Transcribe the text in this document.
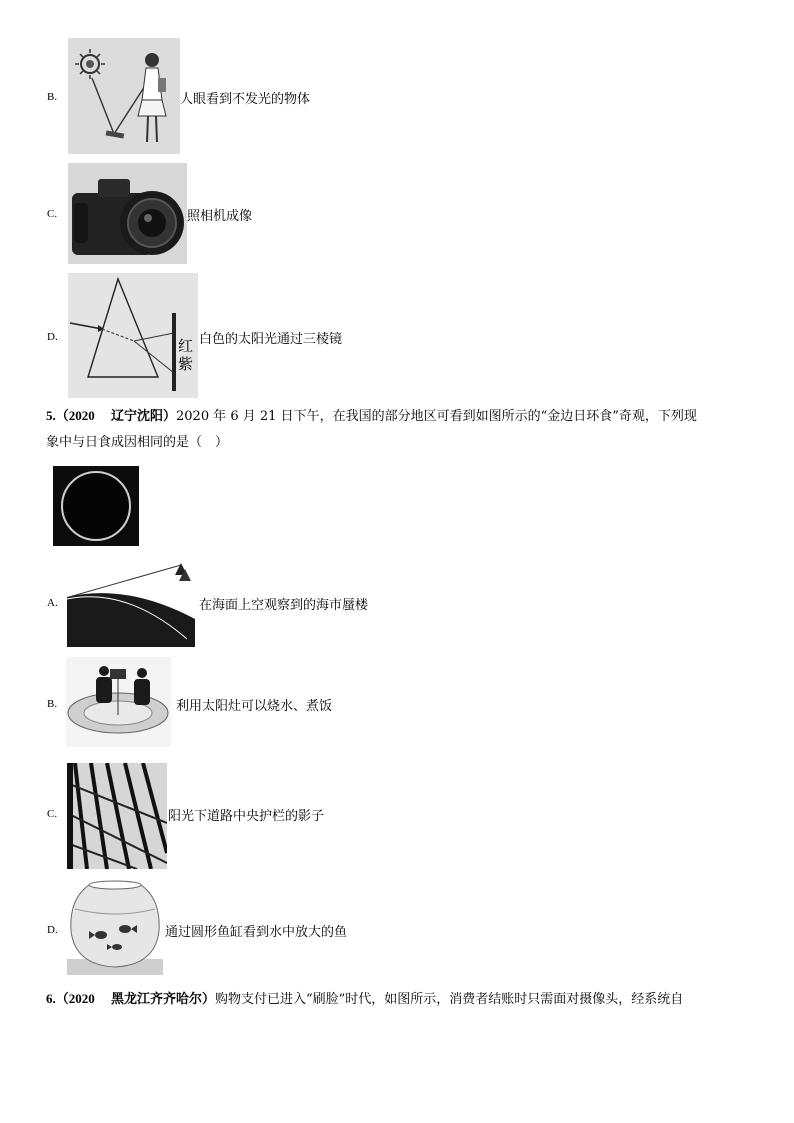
B.	人眼看到不发光的物体
C.	照相机成像
D.	红
紫
白色的太阳光通过三棱镜
5.（2020　 辽宁沈阳）2020 年 6 月 21 日下午，在我国的部分地区可看到如图所示的“金边日环食”奇观，下列现
象中与日食成因相同的是（　）
A.	在海面上空观察到的海市蜃楼
B.	利用太阳灶可以烧水、煮饭
C.	阳光下道路中央护栏的影子
D.	通过圆形鱼缸看到水中放大的鱼
6.（2020　 黑龙江齐齐哈尔）购物支付已进入“刷脸”时代，如图所示，消费者结账时只需面对摄像头，经系统自
